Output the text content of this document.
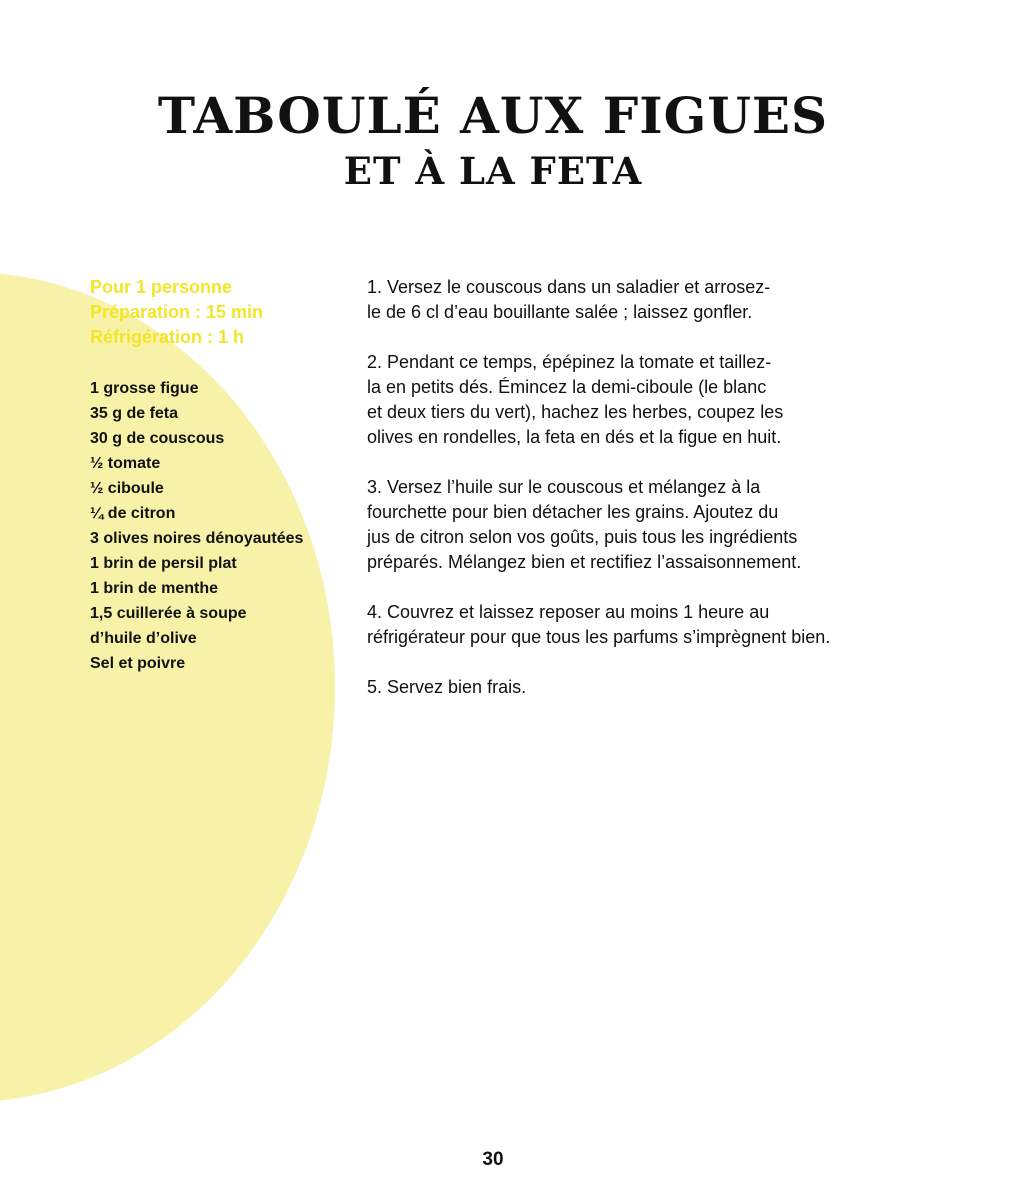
TABOULÉ AUX FIGUES
ET À LA FETA
Pour 1 personne
Préparation : 15 min
Réfrigération : 1 h
1 grosse figue
35 g de feta
30 g de couscous
½ tomate
½ ciboule
¼ de citron
3 olives noires dénoyautées
1 brin de persil plat
1 brin de menthe
1,5 cuillerée à soupe
d’huile d’olive
Sel et poivre
1. Versez le couscous dans un saladier et arrosez-
le de 6 cl d’eau bouillante salée ; laissez gonfler.
2. Pendant ce temps, épépinez la tomate et taillez-
la en petits dés. Émincez la demi-ciboule (le blanc
et deux tiers du vert), hachez les herbes, coupez les
olives en rondelles, la feta en dés et la figue en huit.
3. Versez l’huile sur le couscous et mélangez à la
fourchette pour bien détacher les grains. Ajoutez du
jus de citron selon vos goûts, puis tous les ingrédients
préparés. Mélangez bien et rectifiez l’assaisonnement.
4. Couvrez et laissez reposer au moins 1 heure au
réfrigérateur pour que tous les parfums s’imprègnent bien.
5. Servez bien frais.
30
